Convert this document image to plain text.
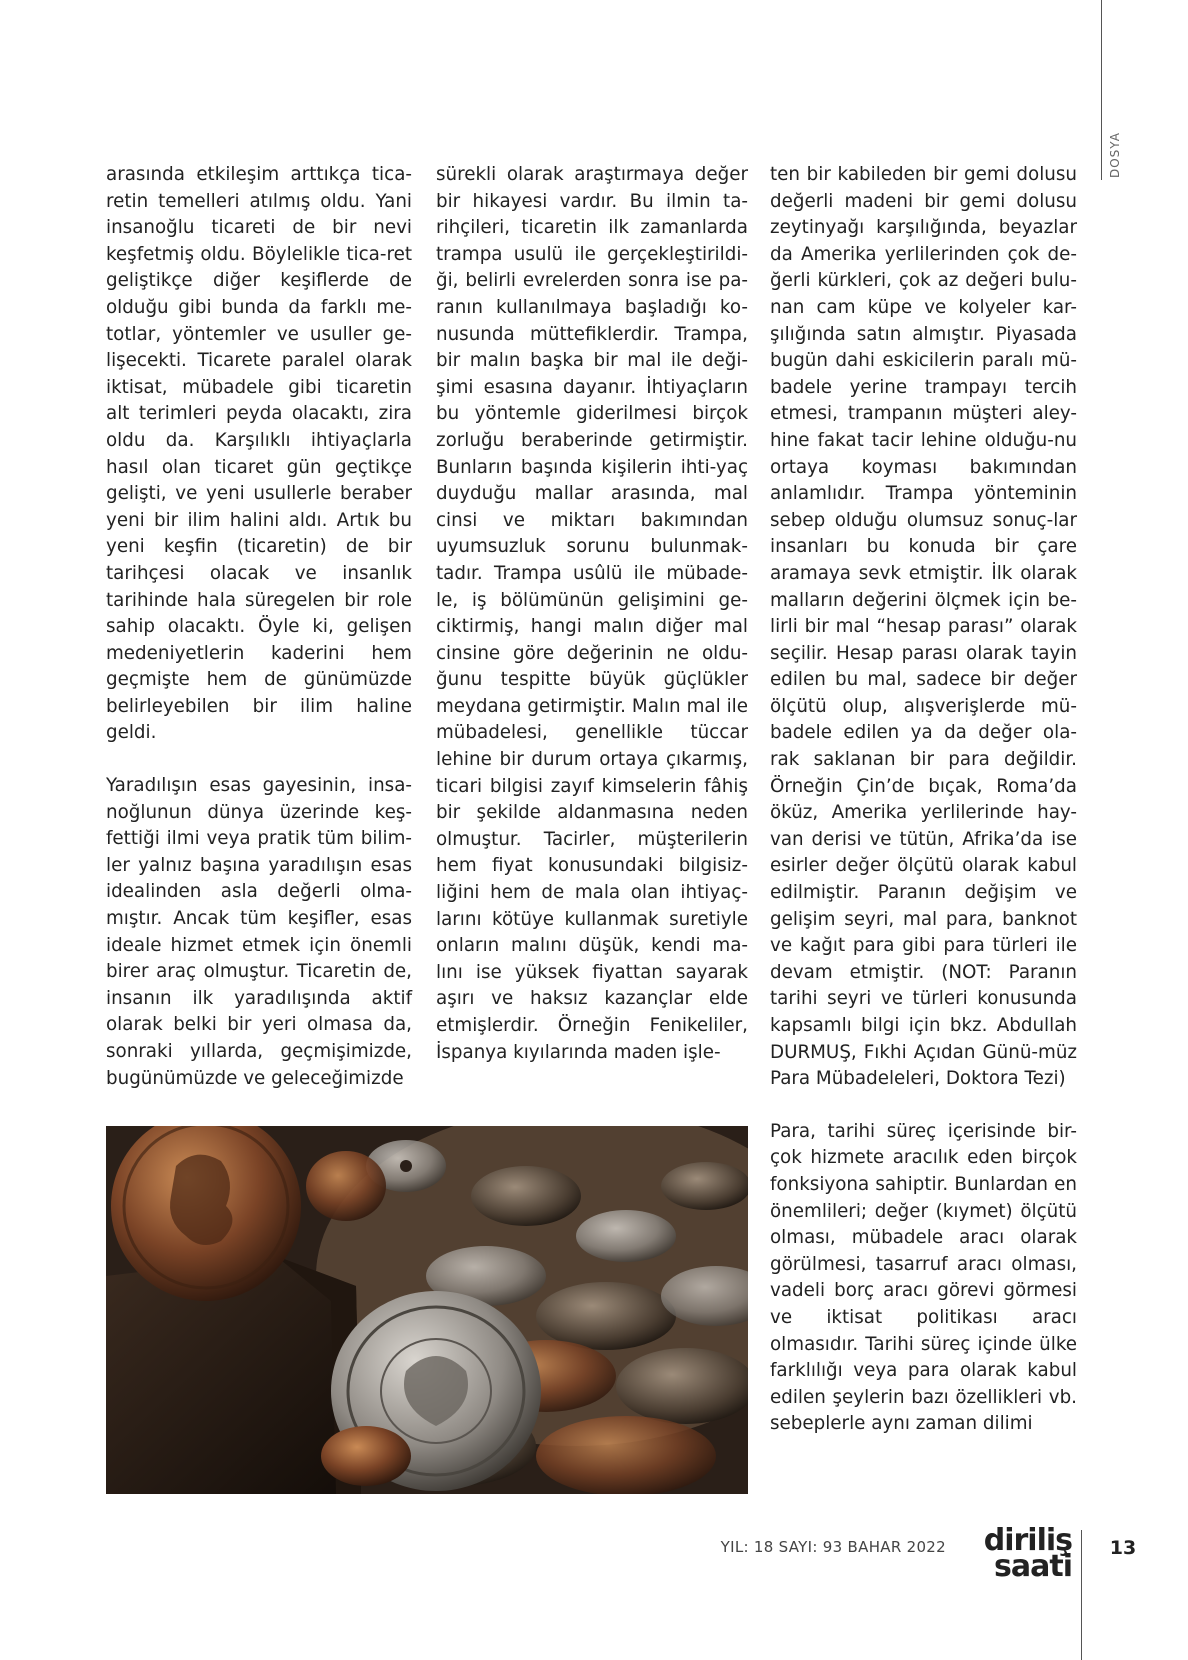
DOSYA

arasında etkileşim arttıkça tica-retin temelleri atılmış oldu. Yani insanoğlu ticareti de bir nevi keşfetmiş oldu. Böylelikle tica-ret geliştikçe diğer keşiflerde de olduğu gibi bunda da farklı me-totlar, yöntemler ve usuller ge-lişecekti. Ticarete paralel olarak iktisat, mübadele gibi ticaretin alt terimleri peyda olacaktı, zira oldu da. Karşılıklı ihtiyaçlarla hasıl olan ticaret gün geçtikçe gelişti, ve yeni usullerle beraber yeni bir ilim halini aldı. Artık bu yeni keşfin (ticaretin) de bir tarihçesi olacak ve insanlık tarihinde hala süregelen bir role sahip olacaktı. Öyle ki, gelişen medeniyetlerin kaderini hem geçmişte hem de günümüzde belirleyebilen bir ilim haline geldi.

Yaradılışın esas gayesinin, insa-noğlunun dünya üzerinde keş-fettiği ilmi veya pratik tüm bilim-ler yalnız başına yaradılışın esas idealinden asla değerli olma-mıştır. Ancak tüm keşifler, esas ideale hizmet etmek için önemli birer araç olmuştur. Ticaretin de, insanın ilk yaradılışında aktif olarak belki bir yeri olmasa da, sonraki yıllarda, geçmişimizde, bugünümüzde ve geleceğimizde

sürekli olarak araştırmaya değer bir hikayesi vardır. Bu ilmin ta-rihçileri, ticaretin ilk zamanlarda trampa usulü ile gerçekleştirildi-ği, belirli evrelerden sonra ise pa-ranın kullanılmaya başladığı ko-nusunda müttefiklerdir. Trampa, bir malın başka bir mal ile deği-şimi esasına dayanır. İhtiyaçların bu yöntemle giderilmesi birçok zorluğu beraberinde getirmiştir. Bunların başında kişilerin ihti-yaç duyduğu mallar arasında, mal cinsi ve miktarı bakımından uyumsuzluk sorunu bulunmak-tadır. Trampa usûlü ile mübade-le, iş bölümünün gelişimini ge-ciktirmiş, hangi malın diğer mal cinsine göre değerinin ne oldu-ğunu tespitte büyük güçlükler meydana getirmiştir. Malın mal ile mübadelesi, genellikle tüccar lehine bir durum ortaya çıkarmış, ticari bilgisi zayıf kimselerin fâhiş bir şekilde aldanmasına neden olmuştur. Tacirler, müşterilerin hem fiyat konusundaki bilgisiz-liğini hem de mala olan ihtiyaç-larını kötüye kullanmak suretiyle onların malını düşük, kendi ma-lını ise yüksek fiyattan sayarak aşırı ve haksız kazançlar elde etmişlerdir. Örneğin Fenikeliler, İspanya kıyılarında maden işle-

ten bir kabileden bir gemi dolusu değerli madeni bir gemi dolusu zeytinyağı karşılığında, beyazlar da Amerika yerlilerinden çok de-ğerli kürkleri, çok az değeri bulu-nan cam küpe ve kolyeler kar-şılığında satın almıştır. Piyasada bugün dahi eskicilerin paralı mü-badele yerine trampayı tercih etmesi, trampanın müşteri aley-hine fakat tacir lehine olduğu-nu ortaya koyması bakımından anlamlıdır. Trampa yönteminin sebep olduğu olumsuz sonuç-lar insanları bu konuda bir çare aramaya sevk etmiştir. İlk olarak malların değerini ölçmek için be-lirli bir mal “hesap parası” olarak seçilir. Hesap parası olarak tayin edilen bu mal, sadece bir değer ölçütü olup, alışverişlerde mü-badele edilen ya da değer ola-rak saklanan bir para değildir. Örneğin Çin’de bıçak, Roma’da öküz, Amerika yerlilerinde hay-van derisi ve tütün, Afrika’da ise esirler değer ölçütü olarak kabul edilmiştir. Paranın değişim ve gelişim seyri, mal para, banknot ve kağıt para gibi para türleri ile devam etmiştir. (NOT: Paranın tarihi seyri ve türleri konusunda kapsamlı bilgi için bkz. Abdullah DURMUŞ, Fıkhi Açıdan Günü-müz Para Mübadeleleri, Doktora Tezi)

Para, tarihi süreç içerisinde bir-çok hizmete aracılık eden birçok fonksiyona sahiptir. Bunlardan en önemlileri; değer (kıymet) ölçütü olması, mübadele aracı olarak görülmesi, tasarruf aracı olması, vadeli borç aracı görevi görmesi ve iktisat politikası aracı olmasıdır. Tarihi süreç içinde ülke farklılığı veya para olarak kabul edilen şeylerin bazı özellikleri vb. sebeplerle aynı zaman dilimi

YIL: 18 SAYI: 93 BAHAR 2022	diriliş
saati
13
